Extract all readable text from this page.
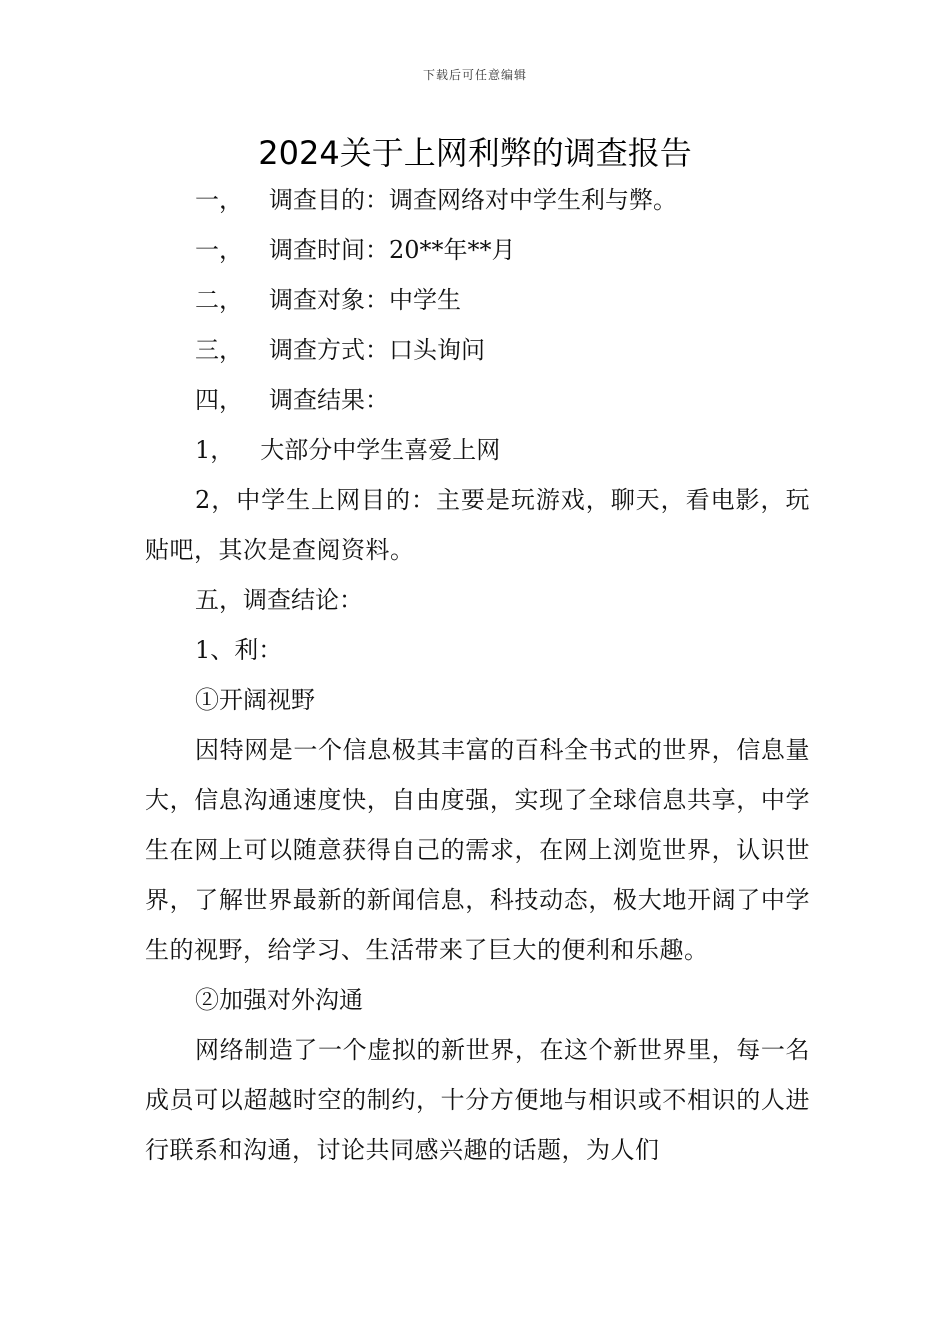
下载后可任意编辑
2024关于上网利弊的调查报告
一， 调查目的：调查网络对中学生利与弊。
一， 调查时间：20**年**月
二， 调查对象：中学生
三， 调查方式：口头询问
四， 调查结果：
1， 大部分中学生喜爱上网
2，中学生上网目的：主要是玩游戏，聊天，看电影，玩贴吧，其次是查阅资料。
五，调查结论：
1、利：
①开阔视野
因特网是一个信息极其丰富的百科全书式的世界，信息量大，信息沟通速度快，自由度强，实现了全球信息共享，中学生在网上可以随意获得自己的需求，在网上浏览世界，认识世界，了解世界最新的新闻信息，科技动态，极大地开阔了中学生的视野，给学习、生活带来了巨大的便利和乐趣。
②加强对外沟通
网络制造了一个虚拟的新世界，在这个新世界里，每一名成员可以超越时空的制约，十分方便地与相识或不相识的人进行联系和沟通，讨论共同感兴趣的话题，为人们
